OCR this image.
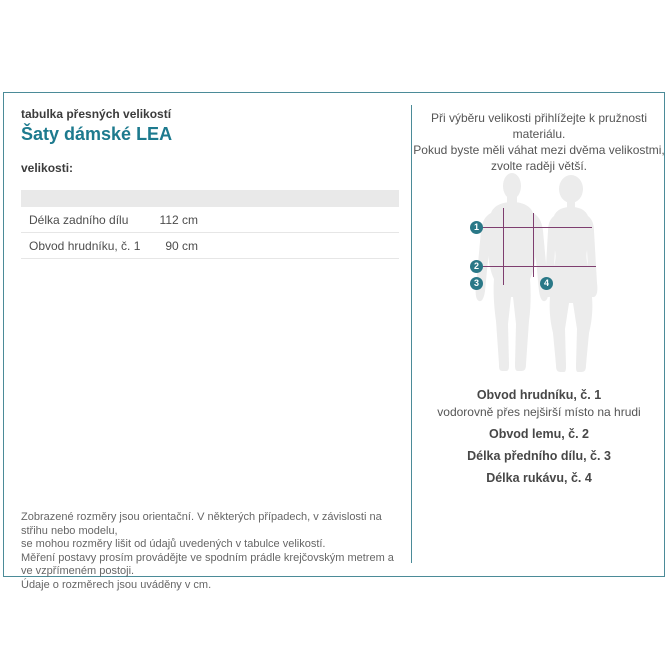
tabulka přesných velikostí
Šaty dámské LEA
velikosti:
Délka zadního dílu	112 cm
Obvod hrudníku, č. 1	90 cm
Zobrazené rozměry jsou orientační. V některých případech, v závislosti na střihu nebo modelu,
se mohou rozměry lišit od údajů uvedených v tabulce velikostí.
Měření postavy prosím provádějte ve spodním prádle krejčovským metrem a ve vzpřímeném postoji.
Údaje o rozměrech jsou uváděny v cm.
Při výběru velikosti přihlížejte k pružnosti materiálu.
Pokud byste měli váhat mezi dvěma velikostmi,
zvolte raději větší.
1
2
3	4
Obvod hrudníku, č. 1
vodorovně přes nejširší místo na hrudi
Obvod lemu, č. 2
Délka předního dílu, č. 3
Délka rukávu, č. 4
